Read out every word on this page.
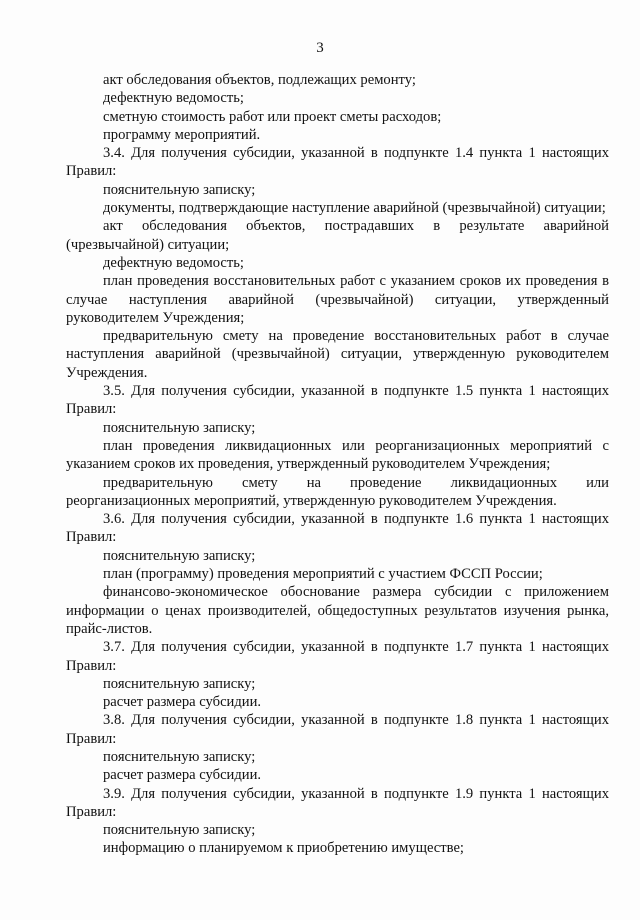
3

акт обследования объектов, подлежащих ремонту;

дефектную ведомость;

сметную стоимость работ или проект сметы расходов;

программу мероприятий.

3.4. Для получения субсидии, указанной в подпункте 1.4 пункта 1 настоящих Правил:

пояснительную записку;

документы, подтверждающие наступление аварийной (чрезвычайной) ситуации;

акт обследования объектов, пострадавших в результате аварийной (чрезвычайной) ситуации;

дефектную ведомость;

план проведения восстановительных работ с указанием сроков их проведения в случае наступления аварийной (чрезвычайной) ситуации, утвержденный руководителем Учреждения;

предварительную смету на проведение восстановительных работ в случае наступления аварийной (чрезвычайной) ситуации, утвержденную руководителем Учреждения.

3.5. Для получения субсидии, указанной в подпункте 1.5 пункта 1 настоящих Правил:

пояснительную записку;

план проведения ликвидационных или реорганизационных мероприятий с указанием сроков их проведения, утвержденный руководителем Учреждения;

предварительную смету на проведение ликвидационных или реорганизационных мероприятий, утвержденную руководителем Учреждения.

3.6. Для получения субсидии, указанной в подпункте 1.6 пункта 1 настоящих Правил:

пояснительную записку;

план (программу) проведения мероприятий с участием ФССП России;

финансово-экономическое обоснование размера субсидии с приложением информации о ценах производителей, общедоступных результатов изучения рынка, прайс-листов.

3.7. Для получения субсидии, указанной в подпункте 1.7 пункта 1 настоящих Правил:

пояснительную записку;

расчет размера субсидии.

3.8. Для получения субсидии, указанной в подпункте 1.8 пункта 1 настоящих Правил:

пояснительную записку;

расчет размера субсидии.

3.9. Для получения субсидии, указанной в подпункте 1.9 пункта 1 настоящих Правил:

пояснительную записку;

информацию о планируемом к приобретению имуществе;
